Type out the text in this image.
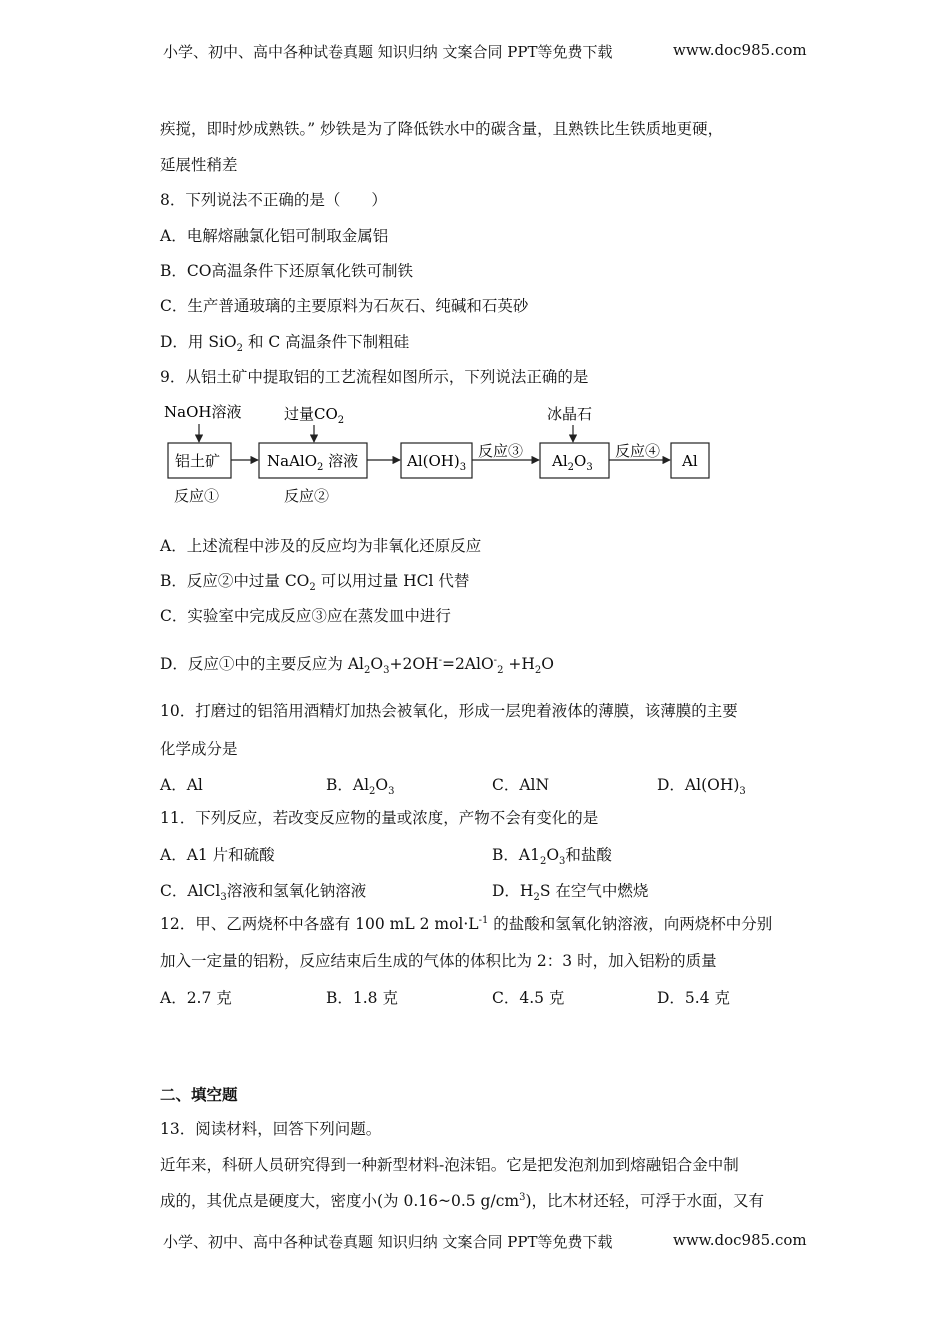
小学、初中、高中各种试卷真题 知识归纳 文案合同 PPT等免费下载	www.doc985.com
疾搅，即时炒成熟铁。” 炒铁是为了降低铁水中的碳含量，且熟铁比生铁质地更硬，
延展性稍差
8．下列说法不正确的是（　　）
A．电解熔融氯化铝可制取金属铝
B．CO高温条件下还原氧化铁可制铁
C．生产普通玻璃的主要原料为石灰石、纯碱和石英砂
D．用 SiO$_2$ 和 C 高温条件下制粗硅
9．从铝土矿中提取铝的工艺流程如图所示，下列说法正确的是
NaOH溶液	过量$CO_2$	冰晶石
铝土矿	NaAlO$_2$ 溶液	$Al(OH)_3$	$Al_2O_3$	Al
反应③	反应④
反应①	反应②
A．上述流程中涉及的反应均为非氧化还原反应
B．反应②中过量 $CO_2$ 可以用过量 HCl 代替
C．实验室中完成反应③应在蒸发皿中进行
D．反应①中的主要反应为 $Al_2O_3+2OH^-=2AlO^-_2 +H_2O$
10．打磨过的铝箔用酒精灯加热会被氧化，形成一层兜着液体的薄膜，该薄膜的主要
化学成分是
A．Al	B．$Al_2O_3$	C．AlN	D．$Al(OH)_3$
11．下列反应，若改变反应物的量或浓度，产物不会有变化的是
A．A1 片和硫酸	B．$A1_2O_3$和盐酸
C．AlCl$_3$溶液和氢氧化钠溶液	D．$H_2S$ 在空气中燃烧
12．甲、乙两烧杯中各盛有 100 mL 2 $mol\cdot L^{-1}$ 的盐酸和氢氧化钠溶液，向两烧杯中分别
加入一定量的铝粉，反应结束后生成的气体的体积比为 2：3 时，加入铝粉的质量
A．2.7 克	B．1.8 克	C．4.5 克	D．5.4 克
二、填空题
13．阅读材料，回答下列问题。
近年来，科研人员研究得到一种新型材料-泡沫铝。它是把发泡剂加到熔融铝合金中制
成的，其优点是硬度大，密度小(为 0.16~0.5 $g/cm^3$)，比木材还轻，可浮于水面，又有
小学、初中、高中各种试卷真题 知识归纳 文案合同 PPT等免费下载	www.doc985.com
